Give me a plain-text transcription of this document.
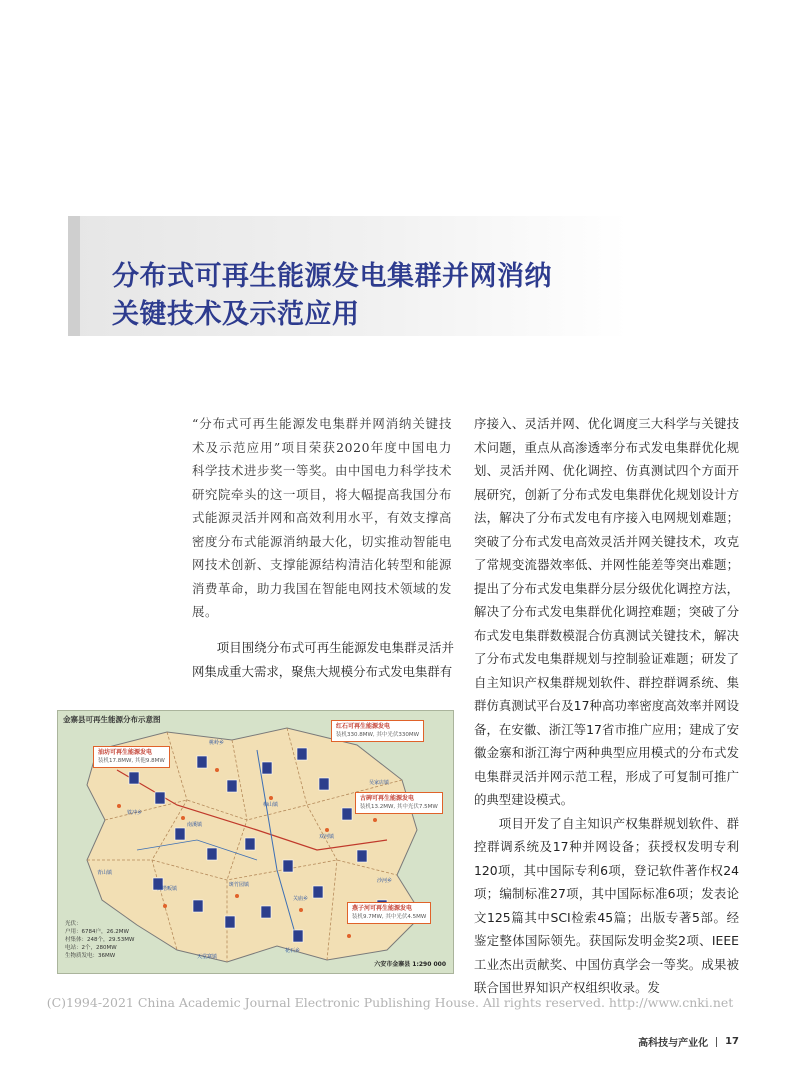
分布式可再生能源发电集群并网消纳
关键技术及示范应用
“分布式可再生能源发电集群并网消纳关键技术及示范应用”项目荣获2020年度中国电力科学技术进步奖一等奖。由中国电力科学技术研究院牵头的这一项目，将大幅提高我国分布式能源灵活并网和高效利用水平，有效支撑高密度分布式能源消纳最大化，切实推动智能电网技术创新、支撑能源结构清洁化转型和能源消费革命，助力我国在智能电网技术领域的发展。

项目围绕分布式可再生能源发电集群灵活并网集成重大需求，聚焦大规模分布式发电集群有

序接入、灵活并网、优化调度三大科学与关键技术问题，重点从高渗透率分布式发电集群优化规划、灵活并网、优化调控、仿真测试四个方面开展研究，创新了分布式发电集群优化规划设计方法，解决了分布式发电有序接入电网规划难题；突破了分布式发电高效灵活并网关键技术，攻克了常规变流器效率低、并网性能差等突出难题；提出了分布式发电集群分层分级优化调控方法，解决了分布式发电集群优化调控难题；突破了分布式发电集群数模混合仿真测试关键技术，解决了分布式发电集群规划与控制验证难题；研发了自主知识产权集群规划软件、群控群调系统、集群仿真测试平台及17种高功率密度高效率并网设备，在安徽、浙江等17省市推广应用；建成了安徽金寨和浙江海宁两种典型应用模式的分布式发电集群灵活并网示范工程，形成了可复制可推广的典型建设模式。

项目开发了自主知识产权集群规划软件、群控群调系统及17种并网设备；获授权发明专利120项，其中国际专利6项，登记软件著作权24项；编制标准27项，其中国际标准6项；发表论文125篇其中SCI检索45篇；出版专著5部。经鉴定整体国际领先。获国际发明金奖2项、IEEE工业杰出贡献奖、中国仿真学会一等奖。成果被联合国世界知识产权组织收录。发

金寨县可再生能源分布示意图
红石可再生能源发电
装机330.8MW, 其中光伏330MW
油坊可再生能源发电
装机17.8MW, 其他9.8MW
古碑可再生能源发电
装机13.2MW, 其中光伏7.5MW
燕子河可再生能源发电
装机9.7MW, 其中光伏4.5MW
铁冲乡
南溪镇
桃岭乡
梅山镇
双河镇
白塔畈镇
斑竹园镇
关庙乡
吴家店镇
花石乡
青山镇
天堂寨镇
沙河乡
光伏：
户用：6784户，26.2MW
村集体：248个，29.53MW
电站：2个，280MW
生物质发电：36MW
六安市金寨县 1:290 000
(C)1994-2021 China Academic Journal Electronic Publishing House. All rights reserved. http://www.cnki.net
高科技与产业化 17
